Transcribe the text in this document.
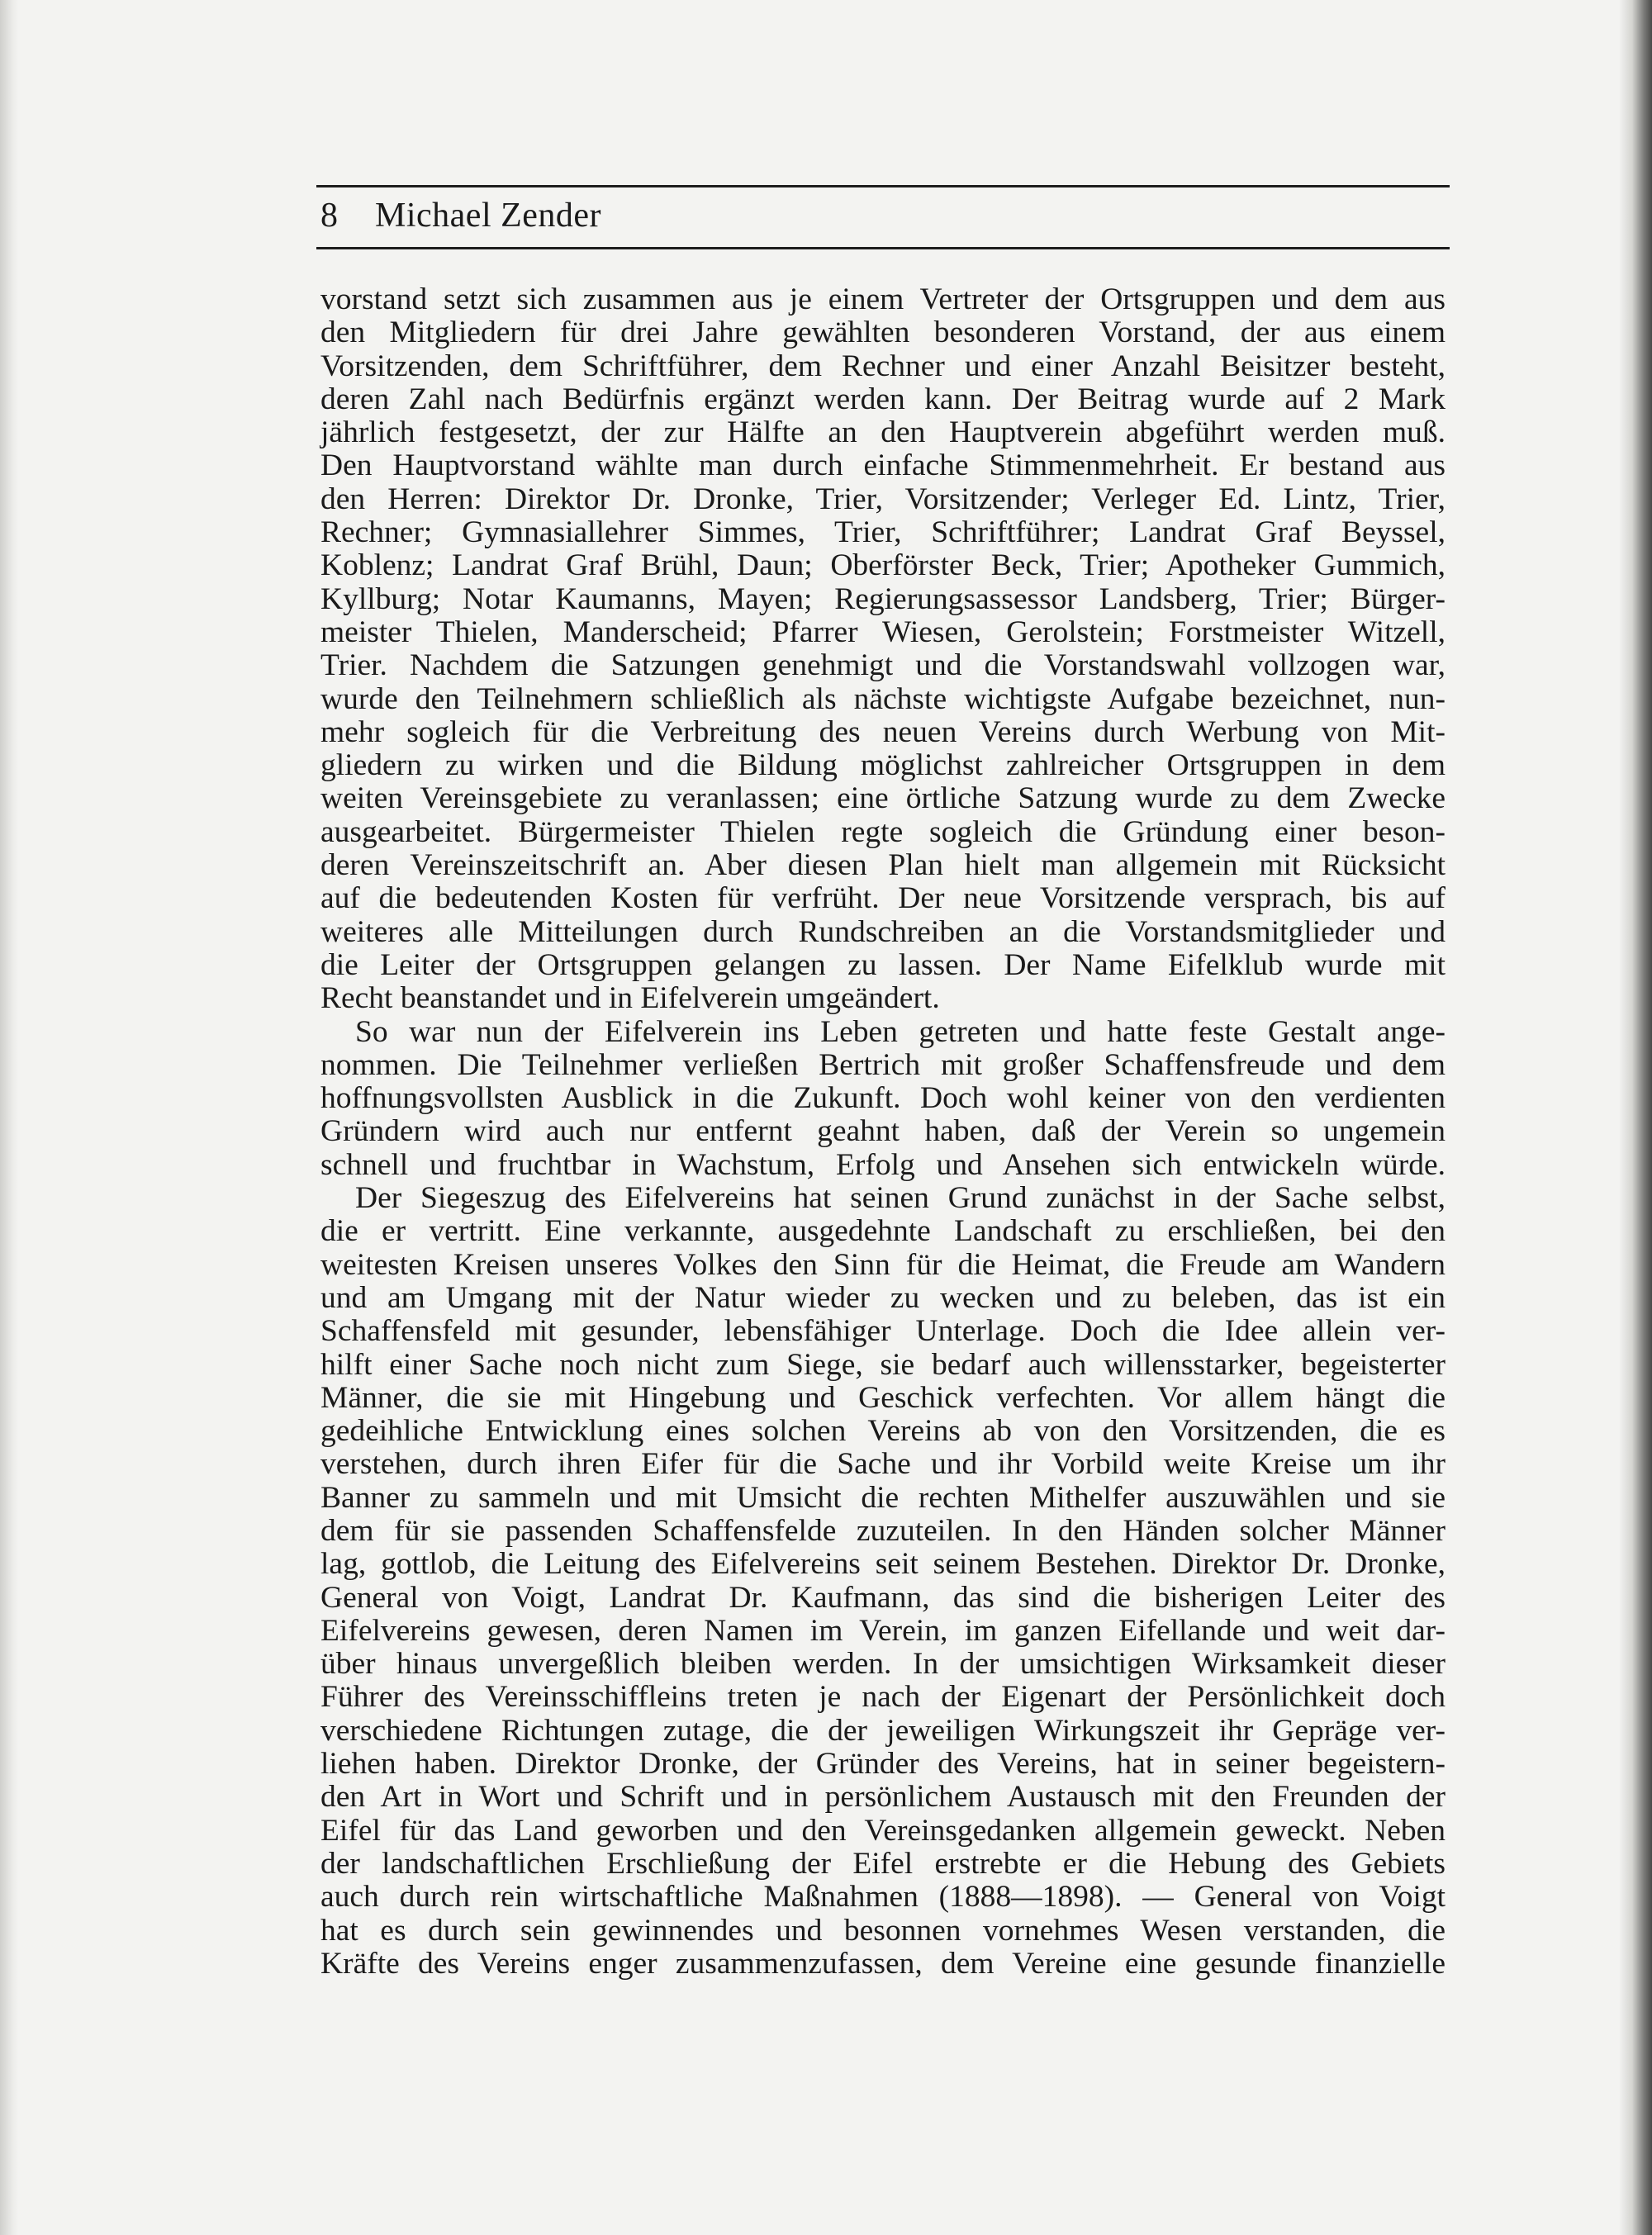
8	Michael Zender
vorstand setzt sich zusammen aus je einem Vertreter der Ortsgruppen und dem aus
den Mitgliedern für drei Jahre gewählten besonderen Vorstand, der aus einem
Vorsitzenden, dem Schriftführer, dem Rechner und einer Anzahl Beisitzer besteht,
deren Zahl nach Bedürfnis ergänzt werden kann. Der Beitrag wurde auf 2 Mark
jährlich festgesetzt, der zur Hälfte an den Hauptverein abgeführt werden muß.
Den Hauptvorstand wählte man durch einfache Stimmenmehrheit. Er bestand aus
den Herren: Direktor Dr. Dronke, Trier, Vorsitzender; Verleger Ed. Lintz, Trier,
Rechner; Gymnasiallehrer Simmes, Trier, Schriftführer; Landrat Graf Beyssel,
Koblenz; Landrat Graf Brühl, Daun; Oberförster Beck, Trier; Apotheker Gummich,
Kyllburg; Notar Kaumanns, Mayen; Regierungsassessor Landsberg, Trier; Bürger-
meister Thielen, Manderscheid; Pfarrer Wiesen, Gerolstein; Forstmeister Witzell,
Trier. Nachdem die Satzungen genehmigt und die Vorstandswahl vollzogen war,
wurde den Teilnehmern schließlich als nächste wichtigste Aufgabe bezeichnet, nun-
mehr sogleich für die Verbreitung des neuen Vereins durch Werbung von Mit-
gliedern zu wirken und die Bildung möglichst zahlreicher Ortsgruppen in dem
weiten Vereinsgebiete zu veranlassen; eine örtliche Satzung wurde zu dem Zwecke
ausgearbeitet. Bürgermeister Thielen regte sogleich die Gründung einer beson-
deren Vereinszeitschrift an. Aber diesen Plan hielt man allgemein mit Rücksicht
auf die bedeutenden Kosten für verfrüht. Der neue Vorsitzende versprach, bis auf
weiteres alle Mitteilungen durch Rundschreiben an die Vorstandsmitglieder und
die Leiter der Ortsgruppen gelangen zu lassen. Der Name Eifelklub wurde mit
Recht beanstandet und in Eifelverein umgeändert.
So war nun der Eifelverein ins Leben getreten und hatte feste Gestalt ange-
nommen. Die Teilnehmer verließen Bertrich mit großer Schaffensfreude und dem
hoffnungsvollsten Ausblick in die Zukunft. Doch wohl keiner von den verdienten
Gründern wird auch nur entfernt geahnt haben, daß der Verein so ungemein
schnell und fruchtbar in Wachstum, Erfolg und Ansehen sich entwickeln würde.
Der Siegeszug des Eifelvereins hat seinen Grund zunächst in der Sache selbst,
die er vertritt. Eine verkannte, ausgedehnte Landschaft zu erschließen, bei den
weitesten Kreisen unseres Volkes den Sinn für die Heimat, die Freude am Wandern
und am Umgang mit der Natur wieder zu wecken und zu beleben, das ist ein
Schaffensfeld mit gesunder, lebensfähiger Unterlage. Doch die Idee allein ver-
hilft einer Sache noch nicht zum Siege, sie bedarf auch willensstarker, begeisterter
Männer, die sie mit Hingebung und Geschick verfechten. Vor allem hängt die
gedeihliche Entwicklung eines solchen Vereins ab von den Vorsitzenden, die es
verstehen, durch ihren Eifer für die Sache und ihr Vorbild weite Kreise um ihr
Banner zu sammeln und mit Umsicht die rechten Mithelfer auszuwählen und sie
dem für sie passenden Schaffensfelde zuzuteilen. In den Händen solcher Männer
lag, gottlob, die Leitung des Eifelvereins seit seinem Bestehen. Direktor Dr. Dronke,
General von Voigt, Landrat Dr. Kaufmann, das sind die bisherigen Leiter des
Eifelvereins gewesen, deren Namen im Verein, im ganzen Eifellande und weit dar-
über hinaus unvergeßlich bleiben werden. In der umsichtigen Wirksamkeit dieser
Führer des Vereinsschiffleins treten je nach der Eigenart der Persönlichkeit doch
verschiedene Richtungen zutage, die der jeweiligen Wirkungszeit ihr Gepräge ver-
liehen haben. Direktor Dronke, der Gründer des Vereins, hat in seiner begeistern-
den Art in Wort und Schrift und in persönlichem Austausch mit den Freunden der
Eifel für das Land geworben und den Vereinsgedanken allgemein geweckt. Neben
der landschaftlichen Erschließung der Eifel erstrebte er die Hebung des Gebiets
auch durch rein wirtschaftliche Maßnahmen (1888—1898). — General von Voigt
hat es durch sein gewinnendes und besonnen vornehmes Wesen verstanden, die
Kräfte des Vereins enger zusammenzufassen, dem Vereine eine gesunde finanzielle
